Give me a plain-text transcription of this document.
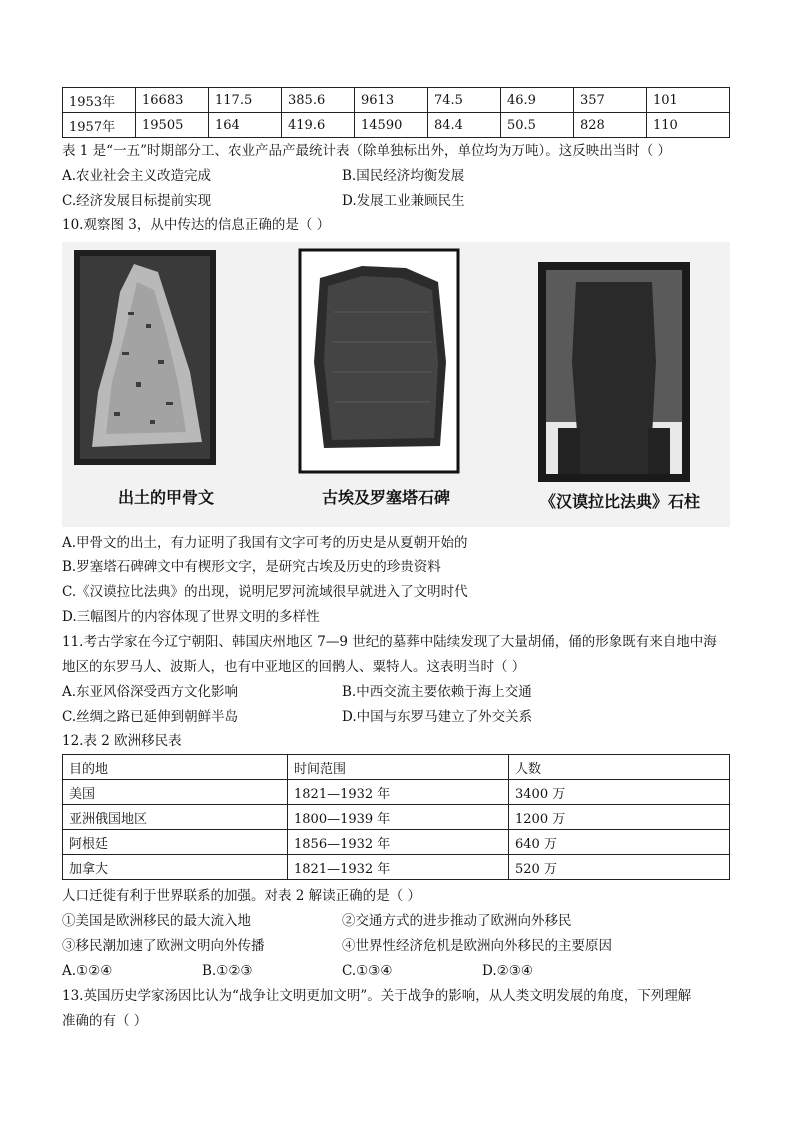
1953年	16683	117.5	385.6	9613	74.5	46.9	357	101
1957年	19505	164	419.6	14590	84.4	50.5	828	110
表 1 是“一五”时期部分工、农业产品产最统计表（除单独标出外，单位均为万吨）。这反映出当时（ ）
A.农业社会主义改造完成	B.国民经济均衡发展
C.经济发展目标提前实现	D.发展工业兼顾民生
10.观察图 3，从中传达的信息正确的是（ ）
出土的甲骨文	古埃及罗塞塔石碑	《汉谟拉比法典》石柱
A.甲骨文的出土，有力证明了我国有文字可考的历史是从夏朝开始的
B.罗塞塔石碑碑文中有楔形文字，是研究古埃及历史的珍贵资料
C.《汉谟拉比法典》的出现，说明尼罗河流域很早就进入了文明时代
D.三幅图片的内容体现了世界文明的多样性
11.考古学家在今辽宁朝阳、韩国庆州地区 7—9 世纪的墓葬中陆续发现了大量胡俑，俑的形象既有来自地中海
地区的东罗马人、波斯人，也有中亚地区的回鹘人、粟特人。这表明当时（ ）
A.东亚风俗深受西方文化影响	B.中西交流主要依赖于海上交通
C.丝绸之路已延伸到朝鲜半岛	D.中国与东罗马建立了外交关系
12.表 2 欧洲移民表
目的地	时间范围	人数
美国	1821—1932 年	3400 万
亚洲俄国地区	1800—1939 年	1200 万
阿根廷	1856—1932 年	640 万
加拿大	1821—1932 年	520 万
人口迁徙有利于世界联系的加强。对表 2 解读正确的是（ ）
①美国是欧洲移民的最大流入地	②交通方式的进步推动了欧洲向外移民
③移民潮加速了欧洲文明向外传播	④世界性经济危机是欧洲向外移民的主要原因
A.①②④	B.①②③	C.①③④	D.②③④
13.英国历史学家汤因比认为“战争让文明更加文明”。关于战争的影响，从人类文明发展的角度，下列理解
准确的有（ ）
